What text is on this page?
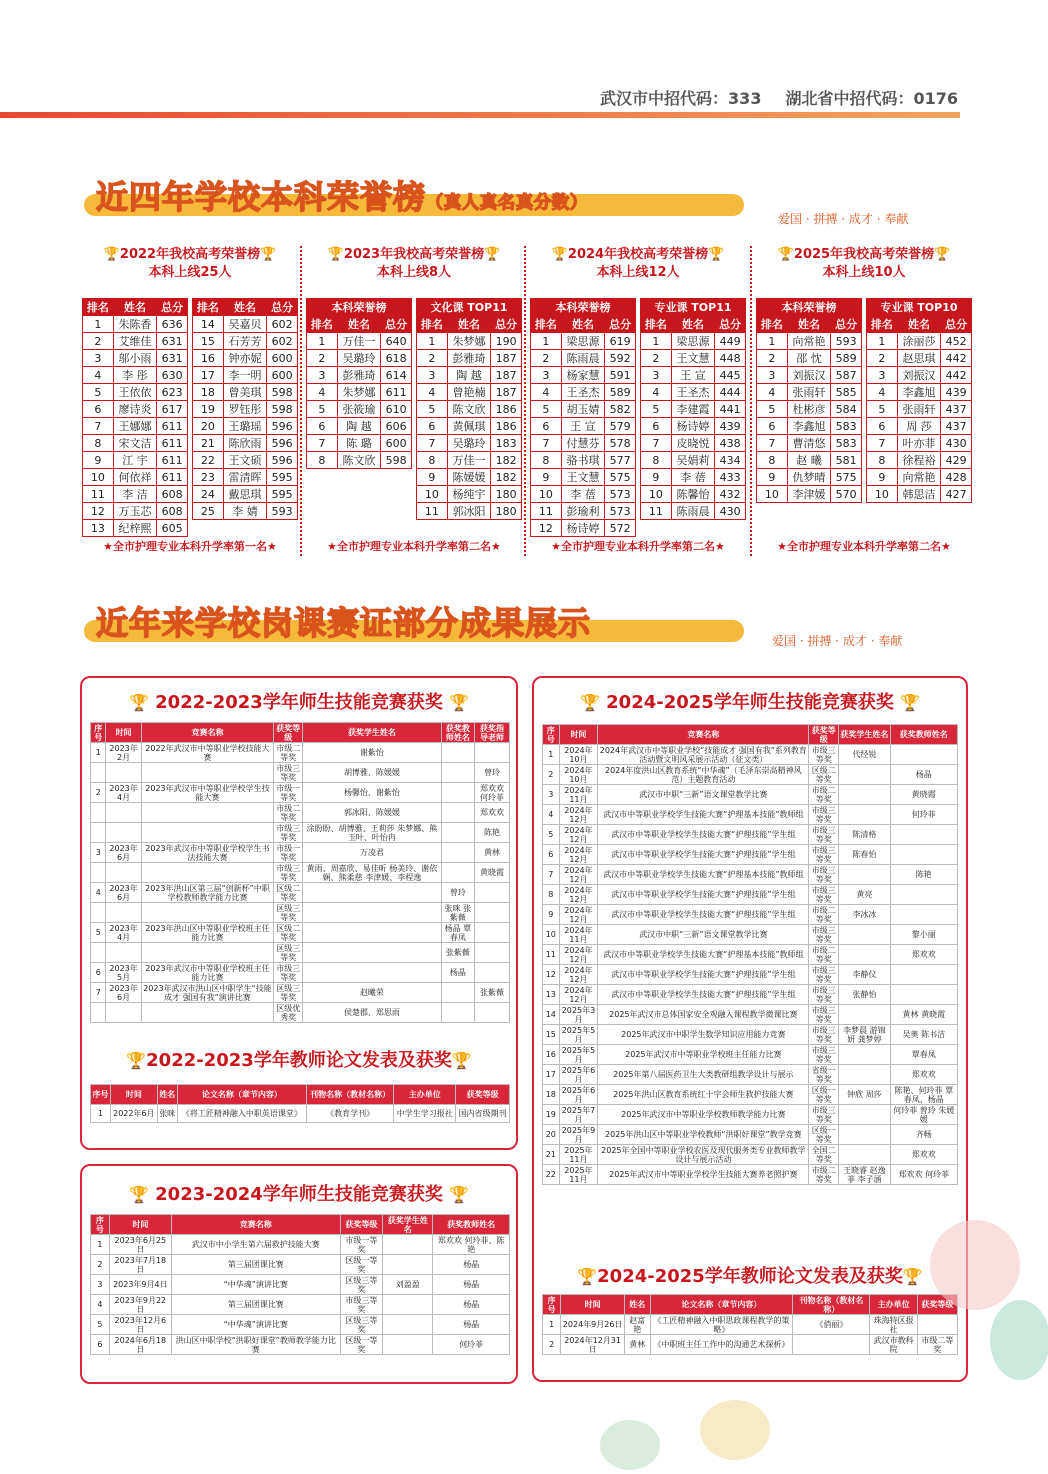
武汉市中招代码：333 湖北省中招代码：0176
近四年学校本科荣誉榜（真人真名真分数）
爱国 · 拼搏 · 成才 · 奉献
🏆2022年我校高考荣誉榜🏆
本科上线25人
排名	姓名	总分
1	朱陈香	636
2	艾维佳	631
3	邬小雨	631
4	李 彤	630
5	王依依	623
6	廖诗炎	617
7	王娜娜	611
8	宋文洁	611
9	江 宇	611
10	何依祥	611
11	李 洁	608
12	万玉芯	608
13	纪梓熙	605
排名	姓名	总分
14	吴嘉贝	602
15	石芳芳	602
16	钟亦妮	600
17	李一明	600
18	曾美琪	598
19	罗钰彤	598
20	王璐瑶	596
21	陈欣雨	596
22	王文硕	596
23	雷清晖	595
24	戴思琪	595
25	李 婧	593
★全市护理专业本科升学率第一名★
🏆2023年我校高考荣誉榜🏆
本科上线8人
本科荣誉榜		
排名	姓名	总分
1	万佳一	640
2	吴璐玲	618
3	彭雅琦	614
4	朱梦娜	611
5	张筱瑜	610
6	陶 越	606
7	陈 璐	600
8	陈文欣	598
文化课 TOP11		
排名	姓名	总分
1	朱梦娜	190
2	彭雅琦	187
3	陶 越	187
4	曾艳楠	187
5	陈文欣	186
6	黄佩琪	186
7	吴璐玲	183
8	万佳一	182
9	陈媛媛	182
10	杨纯宇	180
11	郭冰阳	180
★全市护理专业本科升学率第二名★
🏆2024年我校高考荣誉榜🏆
本科上线12人
本科荣誉榜		
排名	姓名	总分
1	梁思源	619
2	陈雨晨	592
3	杨家慧	591
4	王圣杰	589
5	胡玉婧	582
6	王 宣	579
7	付慧芬	578
8	骆书琪	577
9	王文慧	575
10	李 蓓	573
11	彭瑜利	573
12	杨诗婷	572
专业课 TOP11		
排名	姓名	总分
1	梁思源	449
2	王文慧	448
3	王 宣	445
4	王圣杰	444
5	李建霞	441
6	杨诗婷	439
7	皮晓悦	438
8	吴娟莉	434
9	李 蓓	433
10	陈馨怡	432
11	陈雨晨	430
★全市护理专业本科升学率第二名★
🏆2025年我校高考荣誉榜🏆
本科上线10人
本科荣誉榜		
排名	姓名	总分
1	向常艳	593
2	邵 忱	589
3	刘振汉	587
4	张雨轩	585
5	杜彬彦	584
6	李鑫旭	583
7	曹清悠	583
8	赵 曦	581
9	仇梦晴	575
10	李津媛	570
专业课 TOP10		
排名	姓名	总分
1	涂丽莎	452
2	赵思琪	442
3	刘振汉	442
4	李鑫旭	439
5	张雨轩	437
6	周 莎	437
7	叶亦菲	430
8	徐程裕	429
9	向常艳	428
10	韩思洁	427
★全市护理专业本科升学率第二名★
近年来学校岗课赛证部分成果展示	爱国 · 拼搏 · 成才 · 奉献
🏆 2022-2023学年师生技能竞赛获奖 🏆
序号	时间	竞赛名称	获奖等级	获奖学生姓名	获奖教师姓名	获奖指导老师
1	2023年2月	2022年武汉市中等职业学校技能大赛	市级二等奖	谢紫怡		
			市级三等奖	胡博雅、陈媛媛		曾玲
2	2023年4月	2023年武汉市中等职业学校学生技能大赛	市级一等奖	杨馨怡、谢紫怡		郑欢欢 何玲菲
			市级二等奖	郭冰阳、陈媛媛		郑欢欢
			市级三等奖	涂盼盼、胡博雅、王莉莎 朱梦娜、熊玉叶、叶怡冉		陈艳
3	2023年6月	2023年武汉市中等职业学校学生书法技能大赛	市级一等奖	万凌君		黄林
			市级三等奖	黄雨、周嘉欣、易佳昕 杨美玲、谢依娴、熊柔慈 李津媛、李程逸		黄晓霞
4	2023年6月	2023年洪山区第三届“创新杯”中职学校教师教学能力比赛	区级二等奖		曾玲	
			区级三等奖		张咪 张紫薇	
5	2023年4月	2023年洪山区中等职业学校班主任能力比赛	区级二等奖		杨晶 覃春凤	
			区级三等奖		张紫薇	
6	2023年5月	2023年武汉市中等职业学校班主任能力比赛	市级三等奖		杨晶	
7	2023年6月	2023年武汉市洪山区中职学生“技能成才 强国有我”演讲比赛	区级三等奖	赵曦荣		张紫薇
			区级优秀奖	侯楚郡、郑思雨		
🏆2022-2023学年教师论文发表及获奖🏆
序号	时间	姓名	论文名称（章节内容）	刊物名称（教材名称）	主办单位	获奖等级
1	2022年6月	张咪	《将工匠精神融入中职英语课堂》	《教育学刊》	中学生学习报社	国内省级期刊
🏆 2023-2024学年师生技能竞赛获奖 🏆
序号	时间	竞赛名称	获奖等级	获奖学生姓名	获奖教师姓名
1	2023年6月25日	武汉市中小学生第六届救护技能大赛	市级一等奖		郑欢欢 何玲菲、陈艳
2	2023年7月18日	第三届团课比赛	区级一等奖		杨晶
3	2023年9月4日	“中华魂”演讲比赛	区级三等奖	刘盈盈	杨晶
4	2023年9月22日	第三届团课比赛	市级三等奖		杨晶
5	2023年12月6日	“中华魂”演讲比赛	区级三等奖		杨晶
6	2024年6月18日	洪山区中职学校“洪职好课堂”教师教学能力比赛	区级一等奖		何玲菲
🏆 2024-2025学年师生技能竞赛获奖 🏆
序号	时间	竞赛名称	获奖等级	获奖学生姓名	获奖教师姓名
1	2024年10月	2024年武汉市中等职业学校“技能成才 强国有我”系列教育活动暨文明风采展示活动（征文类）	市级三等奖	代经锐	
2	2024年10月	2024年度洪山区教育系统“中华魂”（毛泽东崇高精神风范）主题教育活动	区级二等奖		杨晶
3	2024年11月	武汉市中职“三新”语文课堂教学比赛	市级二等奖		黄晓霞
4	2024年12月	武汉市中等职业学校学生技能大赛“护理基本技能”教师组	市级三等奖		何玲菲
5	2024年12月	武汉市中等职业学校学生技能大赛“护理技能”学生组	市级三等奖	陈清格	
6	2024年12月	武汉市中等职业学校学生技能大赛“护理技能”学生组	市级三等奖	陈春怡	
7	2024年12月	武汉市中等职业学校学生技能大赛“护理基本技能”教师组	市级三等奖		陈艳
8	2024年12月	武汉市中等职业学校学生技能大赛“护理技能”学生组	市级三等奖	黄亮	
9	2024年12月	武汉市中等职业学校学生技能大赛“护理技能”学生组	市级二等奖	李冰冰	
10	2024年11月	武汉市中职“三新”语文课堂教学比赛	市级三等奖		黎小丽
11	2024年12月	武汉市中等职业学校学生技能大赛“护理基本技能”教师组	市级二等奖		郑欢欢
12	2024年12月	武汉市中等职业学校学生技能大赛“护理技能”学生组	市级三等奖	李静仪	
13	2024年12月	武汉市中等职业学校学生技能大赛“护理技能”学生组	市级三等奖	张静怡	
14	2025年3月	2025年武汉市总体国家安全观融入课程教学微课比赛	市级三等奖		黄林 黄晓霞
15	2025年5月	2025年武汉市中职学生数学知识应用能力竞赛	市级三等奖	李梦晨 游锦妍 龚梦婷	吴奥 陈书洁
16	2025年5月	2025年武汉市中等职业学校班主任能力比赛	市级三等奖		覃春凤
17	2025年6月	2025年第八届医药卫生大类教研组教学设计与展示	省级一等奖		郑欢欢
18	2025年6月	2025年洪山区教育系统红十字会师生救护技能大赛	区级一等奖	钟欣 周莎	陈艳、何玲菲 覃春凤、杨晶
19	2025年7月	2025年武汉市中等职业学校教师教学能力比赛	市级三等奖		何玲菲 曾玲 朱媛媛
20	2025年9月	2025年洪山区中等职业学校教师“洪职好课堂”教学竞赛	区级一等奖		齐畅
21	2025年11月	2025年全国中等职业学校农医及现代服务类专业教师教学设计与展示活动	全国二等奖		郑欢欢
22	2025年11月	2025年武汉市中等职业学校学生技能大赛养老照护赛	市级二等奖	王晓睿 赵逸菲 李子涵	郑欢欢 何玲菲
🏆2024-2025学年教师论文发表及获奖🏆
序号	时间	姓名	论文名称（章节内容）	刊物名称（教材名称）	主办单位	获奖等级
1	2024年9月26日	赵富艳	《工匠精神融入中职思政课程教学的策略》	《俏丽》	珠海特区报社	
2	2024年12月31日	黄林	《中职班主任工作中的沟通艺术探析》		武汉市教科院	市级二等奖
